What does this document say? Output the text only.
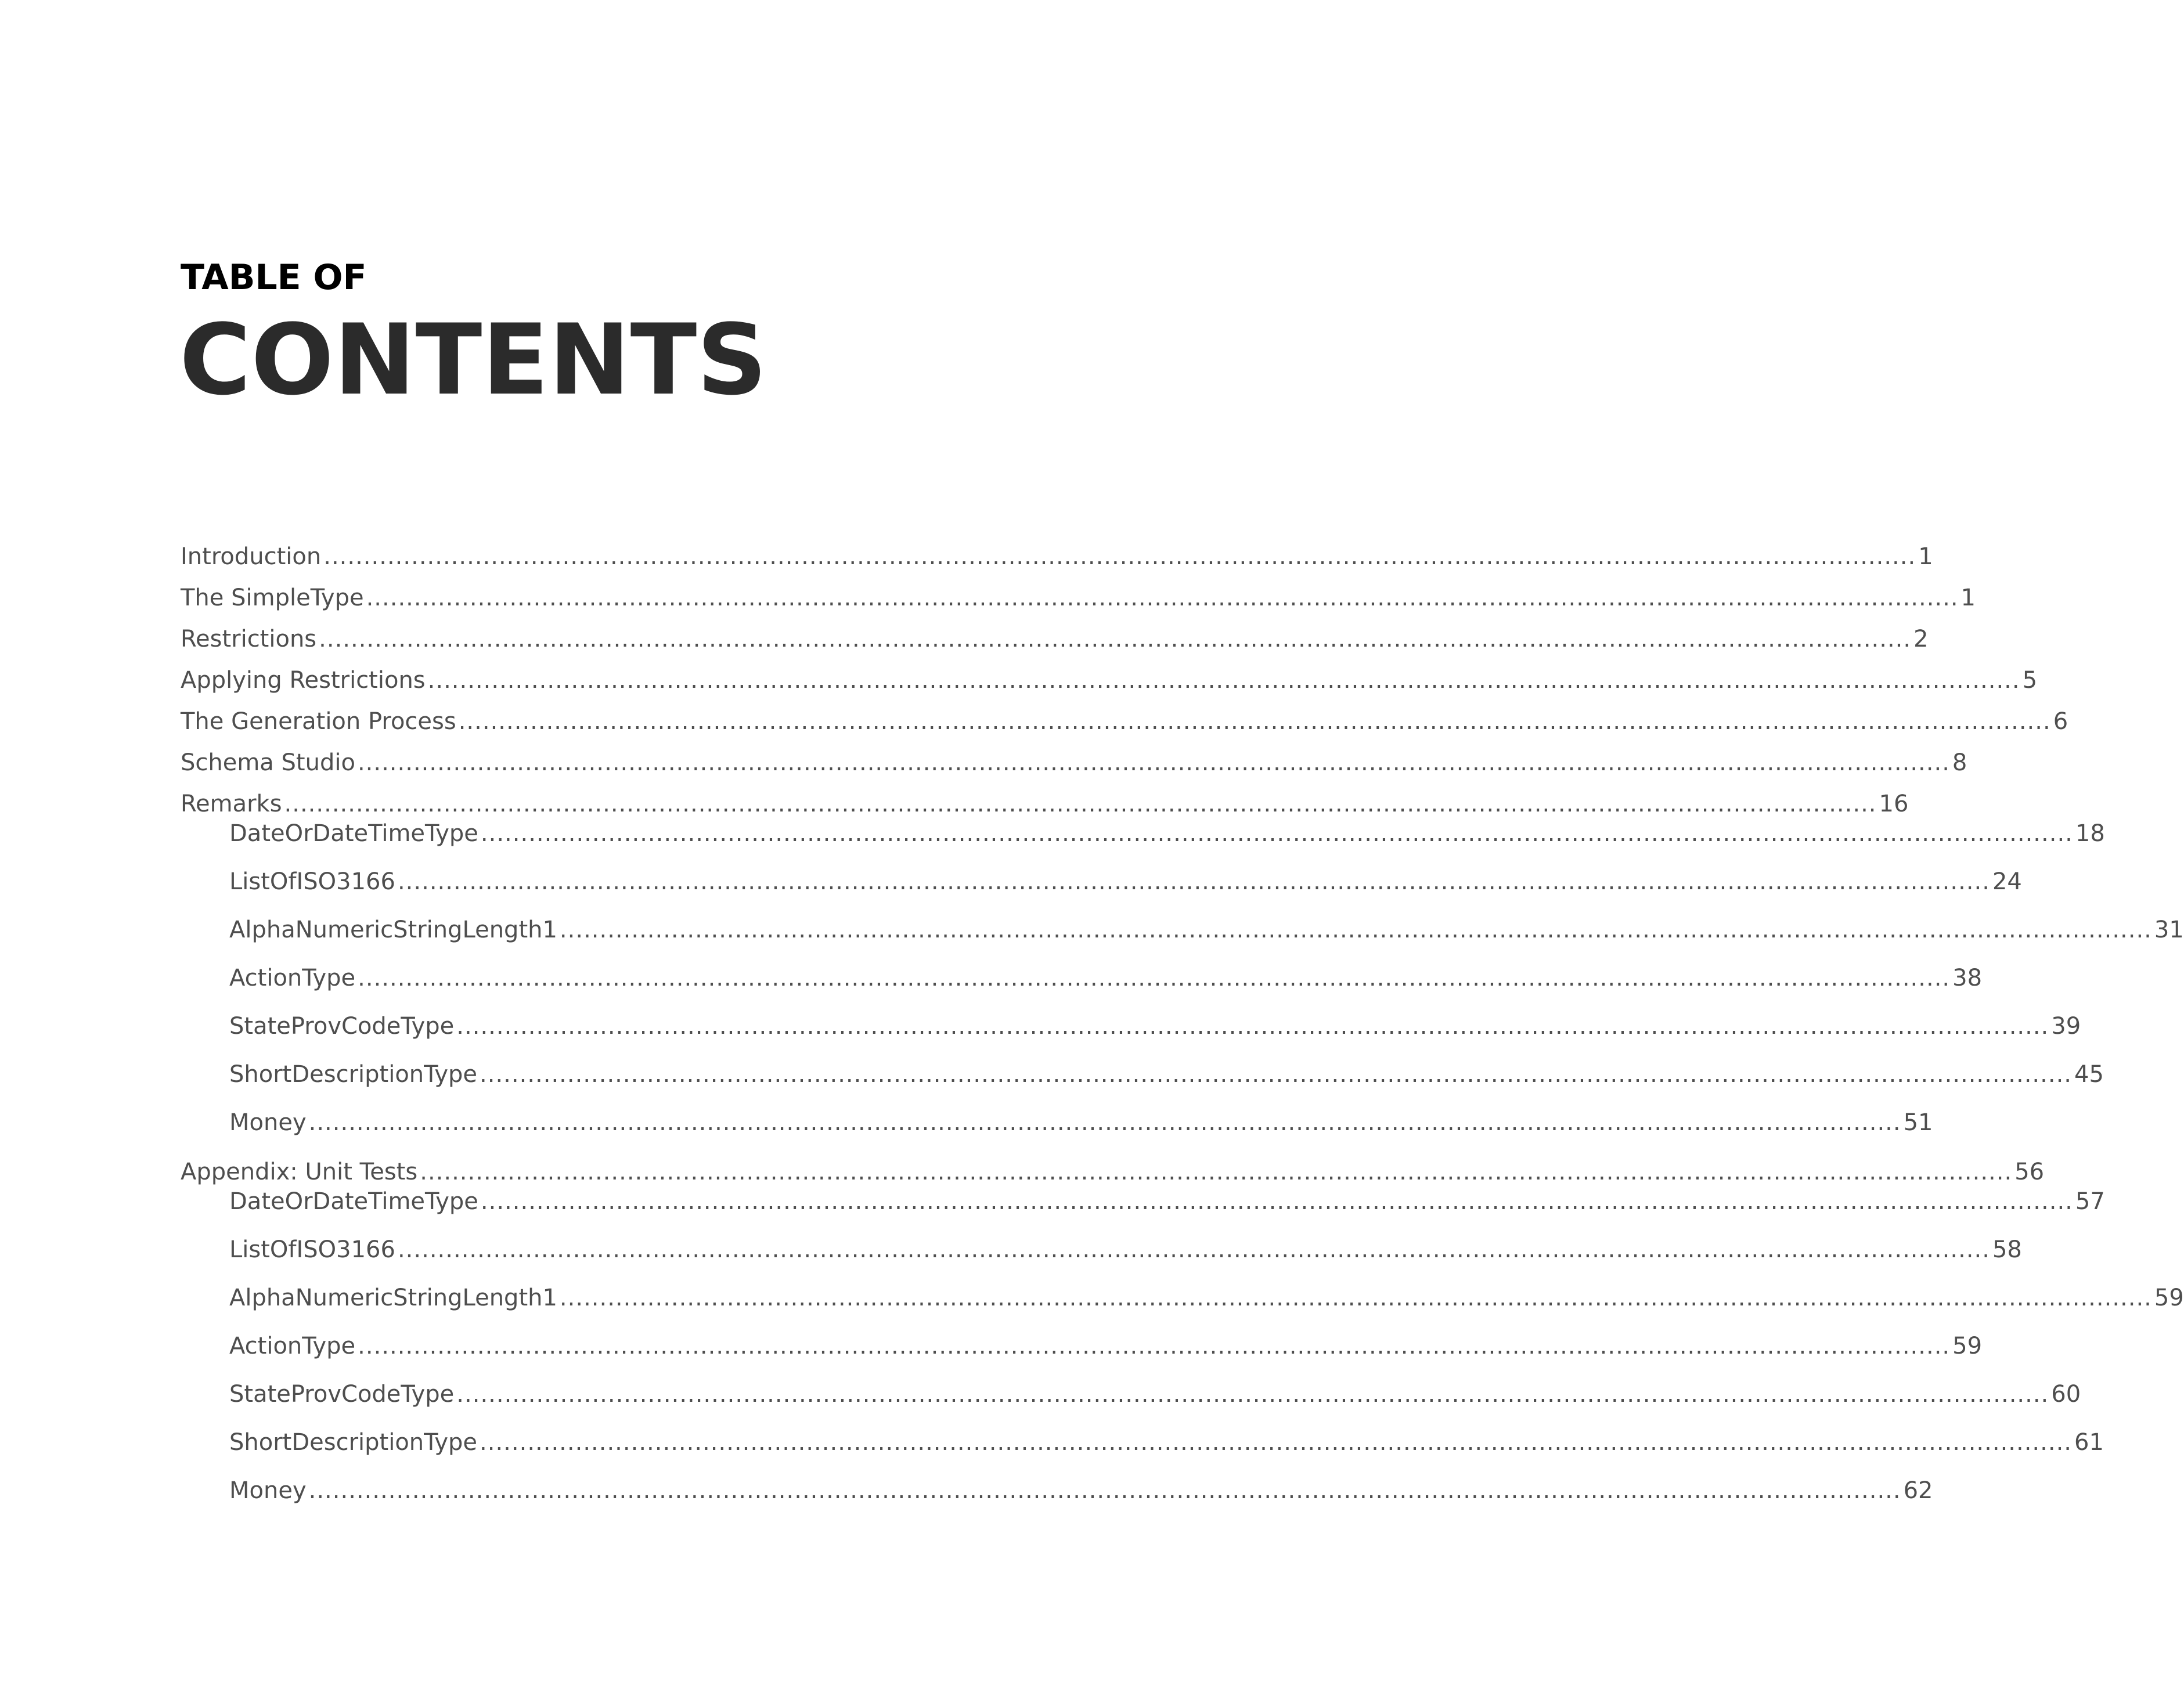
TABLE OF
CONTENTS
Introduction ........................................................................................................................................................................................................ 1
The SimpleType ........................................................................................................................................................................................................ 1
Restrictions ........................................................................................................................................................................................................ 2
Applying Restrictions ........................................................................................................................................................................................................ 5
The Generation Process ........................................................................................................................................................................................................ 6
Schema Studio ........................................................................................................................................................................................................ 8
Remarks ........................................................................................................................................................................................................ 16
DateOrDateTimeType ........................................................................................................................................................................................................ 18
ListOfISO3166 ........................................................................................................................................................................................................ 24
AlphaNumericStringLength1 ........................................................................................................................................................................................................ 31
ActionType ........................................................................................................................................................................................................ 38
StateProvCodeType ........................................................................................................................................................................................................ 39
ShortDescriptionType ........................................................................................................................................................................................................ 45
Money ........................................................................................................................................................................................................ 51
Appendix: Unit Tests ........................................................................................................................................................................................................ 56
DateOrDateTimeType ........................................................................................................................................................................................................ 57
ListOfISO3166 ........................................................................................................................................................................................................ 58
AlphaNumericStringLength1 ........................................................................................................................................................................................................ 59
ActionType ........................................................................................................................................................................................................ 59
StateProvCodeType ........................................................................................................................................................................................................ 60
ShortDescriptionType ........................................................................................................................................................................................................ 61
Money ........................................................................................................................................................................................................ 62
